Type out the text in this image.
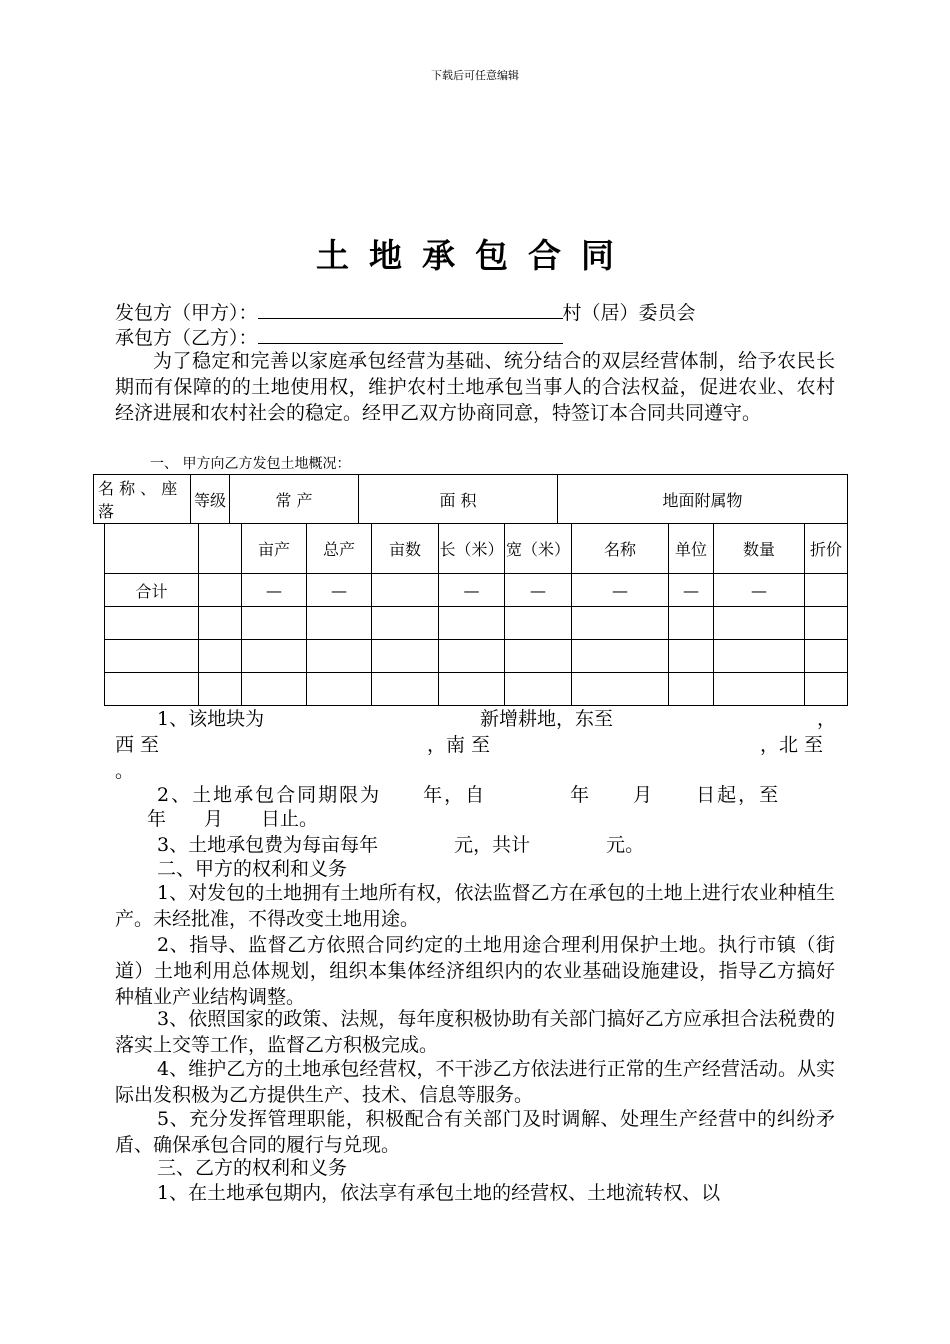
下载后可任意编辑
土地承包合同
发包方（甲方）：	村（居）委员会
承包方（乙方）：
为了稳定和完善以家庭承包经营为基础、统分结合的双层经营体制，给予农民长期而有保障的的土地使用权，维护农村土地承包当事人的合法权益，促进农业、农村经济进展和农村社会的稳定。经甲乙双方协商同意，特签订本合同共同遵守。
一、 甲方向乙方发包土地概况：
名 称 、 座 落	等级	常 产	面 积	地面附属物
		亩产	总产	亩数	长（米）	宽（米）	名称	单位	数量	折价
合计		—	—		—	—	—	—	—	

1、该地块为	新增耕地，东至	，
西 至	，南 至	，北 至
。
2、土地承包合同期限为　　年，自　　　　年　　月　　日起，至
年　　月　　日止。
3、土地承包费为每亩每年　　　　元，共计　　　　元。
二、甲方的权利和义务
1、对发包的土地拥有土地所有权，依法监督乙方在承包的土地上进行农业种植生产。未经批准，不得改变土地用途。
2、指导、监督乙方依照合同约定的土地用途合理利用保护土地。执行市镇（街道）土地利用总体规划，组织本集体经济组织内的农业基础设施建设，指导乙方搞好种植业产业结构调整。
3、依照国家的政策、法规，每年度积极协助有关部门搞好乙方应承担合法税费的落实上交等工作，监督乙方积极完成。
4、维护乙方的土地承包经营权，不干涉乙方依法进行正常的生产经营活动。从实际出发积极为乙方提供生产、技术、信息等服务。
5、充分发挥管理职能，积极配合有关部门及时调解、处理生产经营中的纠纷矛盾、确保承包合同的履行与兑现。
三、乙方的权利和义务
1、在土地承包期内，依法享有承包土地的经营权、土地流转权、以
